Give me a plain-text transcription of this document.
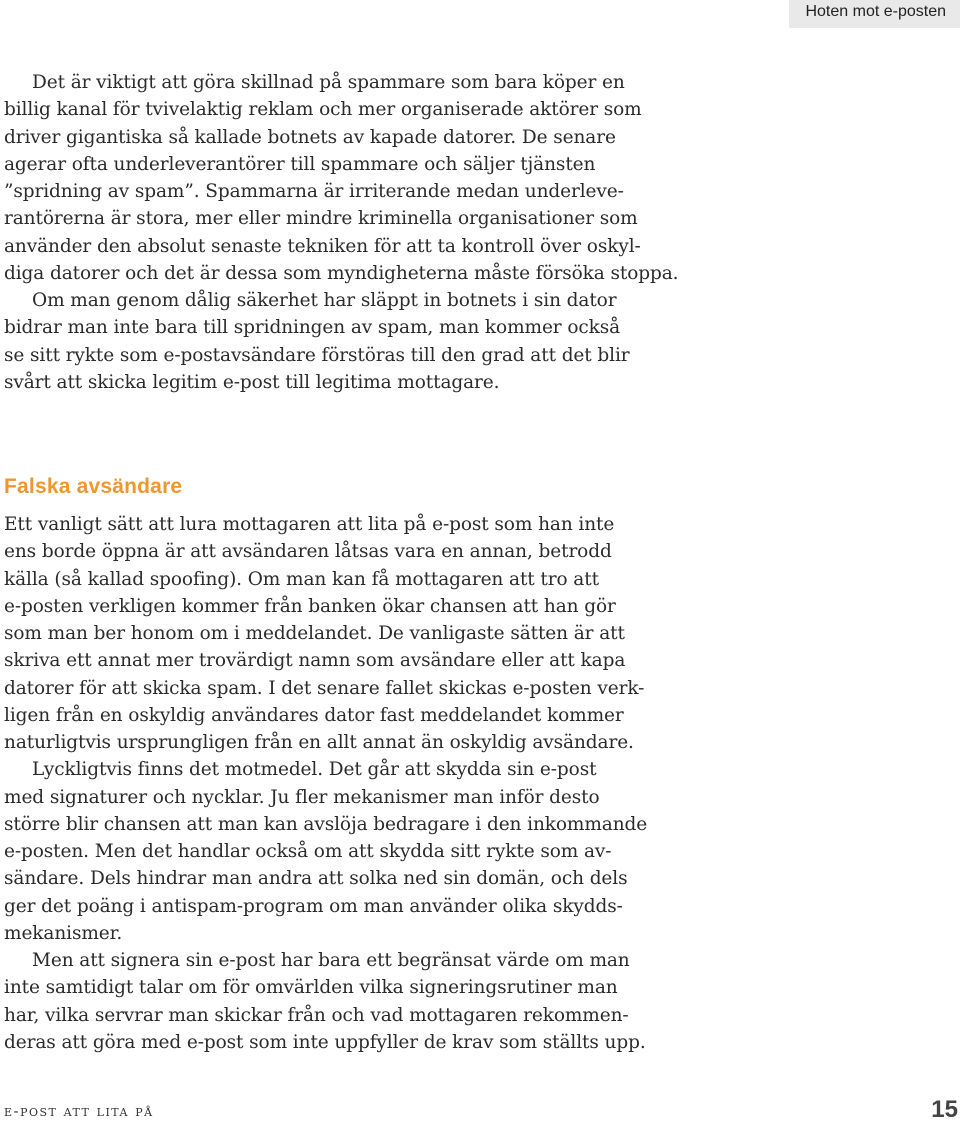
Hoten mot e-posten
Det är viktigt att göra skillnad på spammare som bara köper en
billig kanal för tvivelaktig reklam och mer organiserade aktörer som
driver gigantiska så kallade botnets av kapade datorer. De senare
agerar ofta underleverantörer till spammare och säljer tjänsten
”spridning av spam”. Spammarna är irriterande medan underleve-
rantörerna är stora, mer eller mindre kriminella organisationer som
använder den absolut senaste tekniken för att ta kontroll över oskyl-
diga datorer och det är dessa som myndigheterna måste försöka stoppa.
Om man genom dålig säkerhet har släppt in botnets i sin dator
bidrar man inte bara till spridningen av spam, man kommer också
se sitt rykte som e-postavsändare förstöras till den grad att det blir
svårt att skicka legitim e-post till legitima mottagare.
Falska avsändare
Ett vanligt sätt att lura mottagaren att lita på e-post som han inte
ens borde öppna är att avsändaren låtsas vara en annan, betrodd
källa (så kallad spoofing). Om man kan få mottagaren att tro att
e-posten verkligen kommer från banken ökar chansen att han gör
som man ber honom om i meddelandet. De vanligaste sätten är att
skriva ett annat mer trovärdigt namn som avsändare eller att kapa
datorer för att skicka spam. I det senare fallet skickas e-posten verk-
ligen från en oskyldig användares dator fast meddelandet kommer
naturligtvis ursprungligen från en allt annat än oskyldig avsändare.
Lyckligtvis finns det motmedel. Det går att skydda sin e-post
med signaturer och nycklar. Ju fler mekanismer man inför desto
större blir chansen att man kan avslöja bedragare i den inkommande
e-posten. Men det handlar också om att skydda sitt rykte som av-
sändare. Dels hindrar man andra att solka ned sin domän, och dels
ger det poäng i antispam-program om man använder olika skydds-
mekanismer.
Men att signera sin e-post har bara ett begränsat värde om man
inte samtidigt talar om för omvärlden vilka signeringsrutiner man
har, vilka servrar man skickar från och vad mottagaren rekommen-
deras att göra med e-post som inte uppfyller de krav som ställts upp.
e-post att lita på	15
